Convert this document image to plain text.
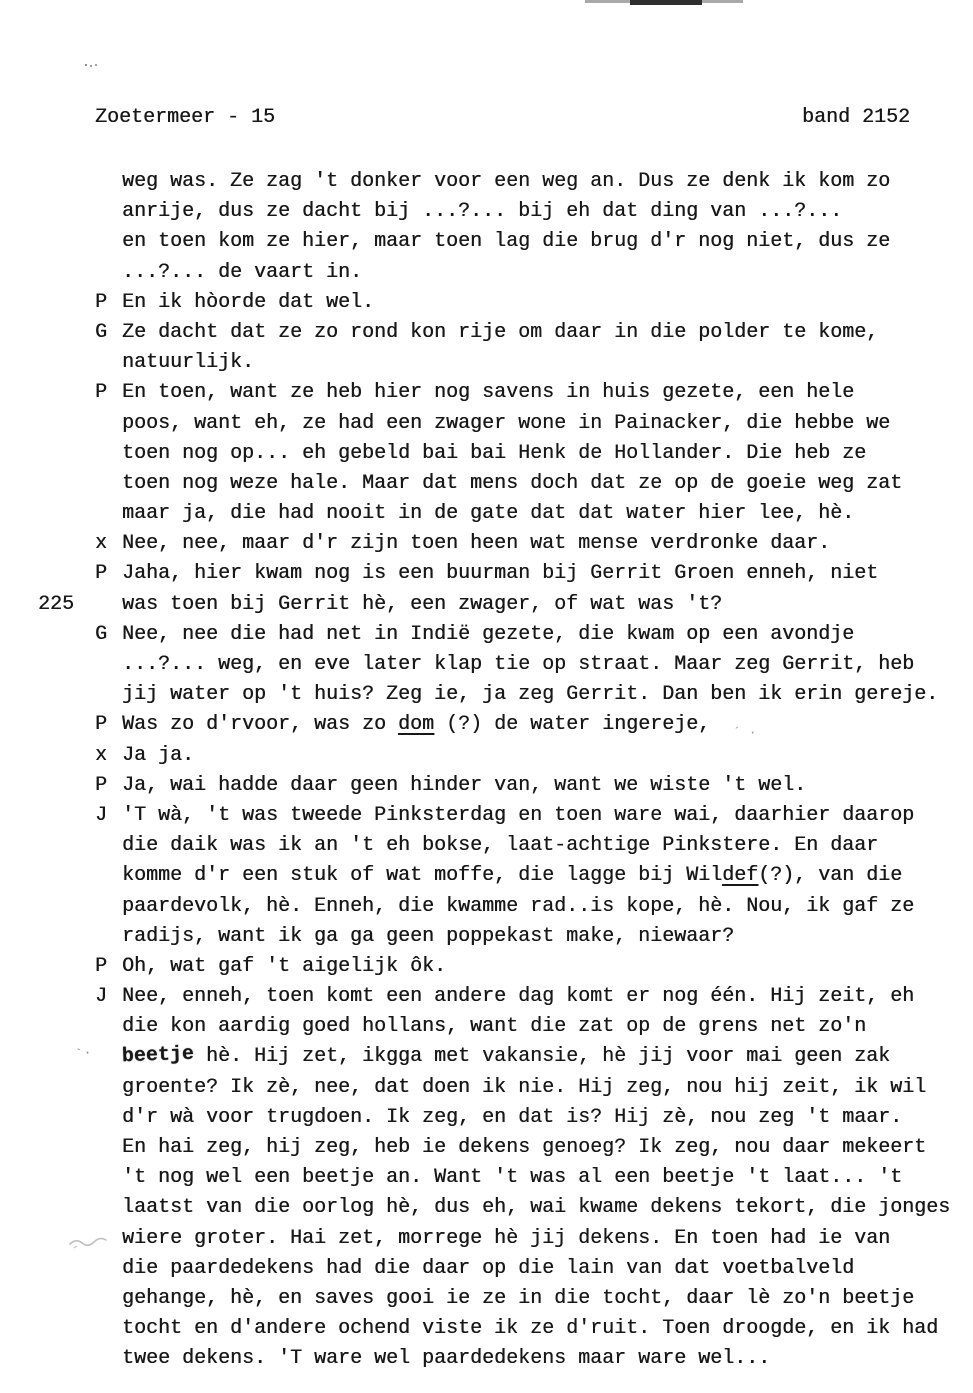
`·
´·
Zoetermeer - 15	band 2152
weg was. Ze zag 't donker voor een weg an. Dus ze denk ik kom zo
anrije, dus ze dacht bij ...?... bij eh dat ding van ...?...
en toen kom ze hier, maar toen lag die brug d'r nog niet, dus ze
...?... de vaart in.
P En ik hòorde dat wel.
G Ze dacht dat ze zo rond kon rije om daar in die polder te kome,
natuurlijk.
P En toen, want ze heb hier nog savens in huis gezete, een hele
poos, want eh, ze had een zwager wone in Painacker, die hebbe we
toen nog op... eh gebeld bai bai Henk de Hollander. Die heb ze
toen nog weze hale. Maar dat mens doch dat ze op de goeie weg zat
maar ja, die had nooit in de gate dat dat water hier lee, hè.
x Nee, nee, maar d'r zijn toen heen wat mense verdronke daar.
P Jaha, hier kwam nog is een buurman bij Gerrit Groen enneh, niet
225 was toen bij Gerrit hè, een zwager, of wat was 't?
G Nee, nee die had net in Indië gezete, die kwam op een avondje
...?... weg, en eve later klap tie op straat. Maar zeg Gerrit, heb
jij water op 't huis? Zeg ie, ja zeg Gerrit. Dan ben ik erin gereje.
P Was zo d'rvoor, was zo dom (?) de water ingereje,
x Ja ja.
P Ja, wai hadde daar geen hinder van, want we wiste 't wel.
J 'T wà, 't was tweede Pinksterdag en toen ware wai, daarhier daarop
die daik was ik an 't eh bokse, laat-achtige Pinkstere. En daar
komme d'r een stuk of wat moffe, die lagge bij Wildef(?), van die
paardevolk, hè. Enneh, die kwamme rad..is kope, hè. Nou, ik gaf ze
radijs, want ik ga ga geen poppekast make, niewaar?
P Oh, wat gaf 't aigelijk ôk.
J Nee, enneh, toen komt een andere dag komt er nog één. Hij zeit, eh
die kon aardig goed hollans, want die zat op de grens net zo'n
beetje hè. Hij zet, ikgga met vakansie, hè jij voor mai geen zak
groente? Ik zè, nee, dat doen ik nie. Hij zeg, nou hij zeit, ik wil
d'r wà voor trugdoen. Ik zeg, en dat is? Hij zè, nou zeg 't maar.
En hai zeg, hij zeg, heb ie dekens genoeg? Ik zeg, nou daar mekeert
't nog wel een beetje an. Want 't was al een beetje 't laat... 't
laatst van die oorlog hè, dus eh, wai kwame dekens tekort, die jonges
wiere groter. Hai zet, morrege hè jij dekens. En toen had ie van
die paardedekens had die daar op die lain van dat voetbalveld
gehange, hè, en saves gooi ie ze in die tocht, daar lè zo'n beetje
tocht en d'andere ochend viste ik ze d'ruit. Toen droogde, en ik had
twee dekens. 'T ware wel paardedekens maar ware wel...
